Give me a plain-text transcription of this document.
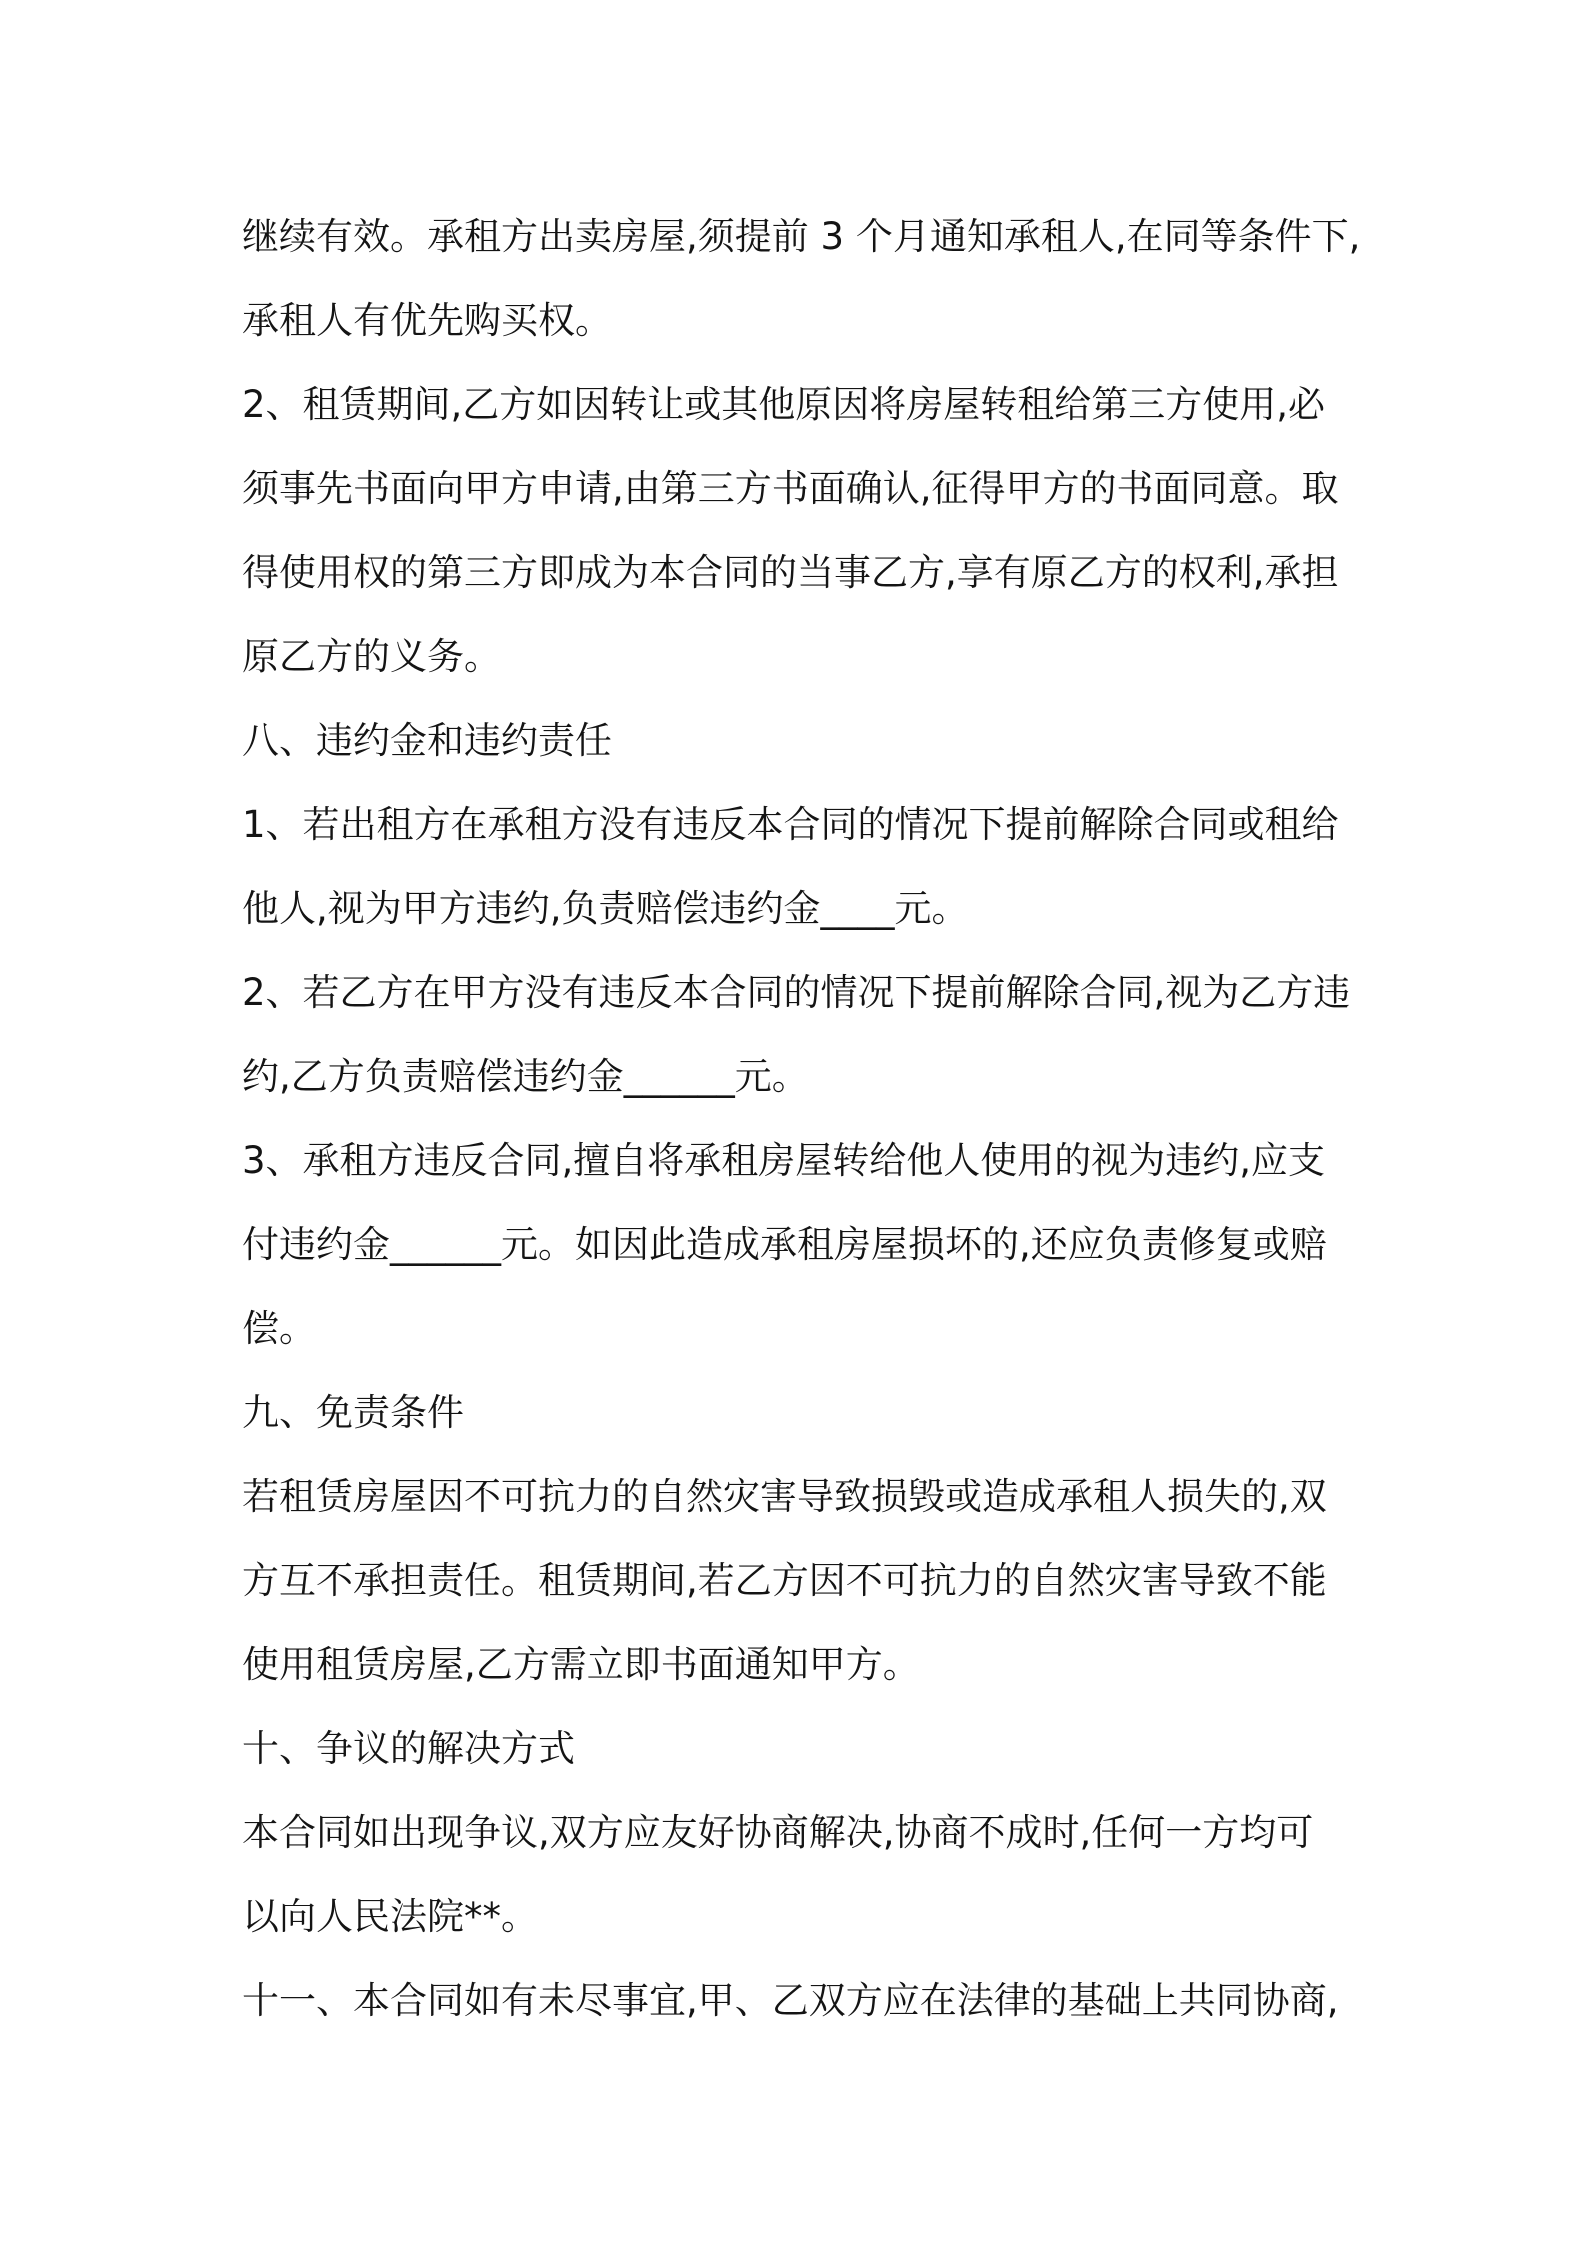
继续有效。承租方出卖房屋,须提前 3 个月通知承租人,在同等条件下,
承租人有优先购买权。

2、租赁期间,乙方如因转让或其他原因将房屋转租给第三方使用,必
须事先书面向甲方申请,由第三方书面确认,征得甲方的书面同意。取
得使用权的第三方即成为本合同的当事乙方,享有原乙方的权利,承担
原乙方的义务。

八、违约金和违约责任

1、若出租方在承租方没有违反本合同的情况下提前解除合同或租给
他人,视为甲方违约,负责赔偿违约金____元。

2、若乙方在甲方没有违反本合同的情况下提前解除合同,视为乙方违
约,乙方负责赔偿违约金______元。

3、承租方违反合同,擅自将承租房屋转给他人使用的视为违约,应支
付违约金______元。如因此造成承租房屋损坏的,还应负责修复或赔
偿。

九、免责条件

若租赁房屋因不可抗力的自然灾害导致损毁或造成承租人损失的,双
方互不承担责任。租赁期间,若乙方因不可抗力的自然灾害导致不能
使用租赁房屋,乙方需立即书面通知甲方。

十、争议的解决方式

本合同如出现争议,双方应友好协商解决,协商不成时,任何一方均可
以向人民法院**。

十一、本合同如有未尽事宜,甲、乙双方应在法律的基础上共同协商,
